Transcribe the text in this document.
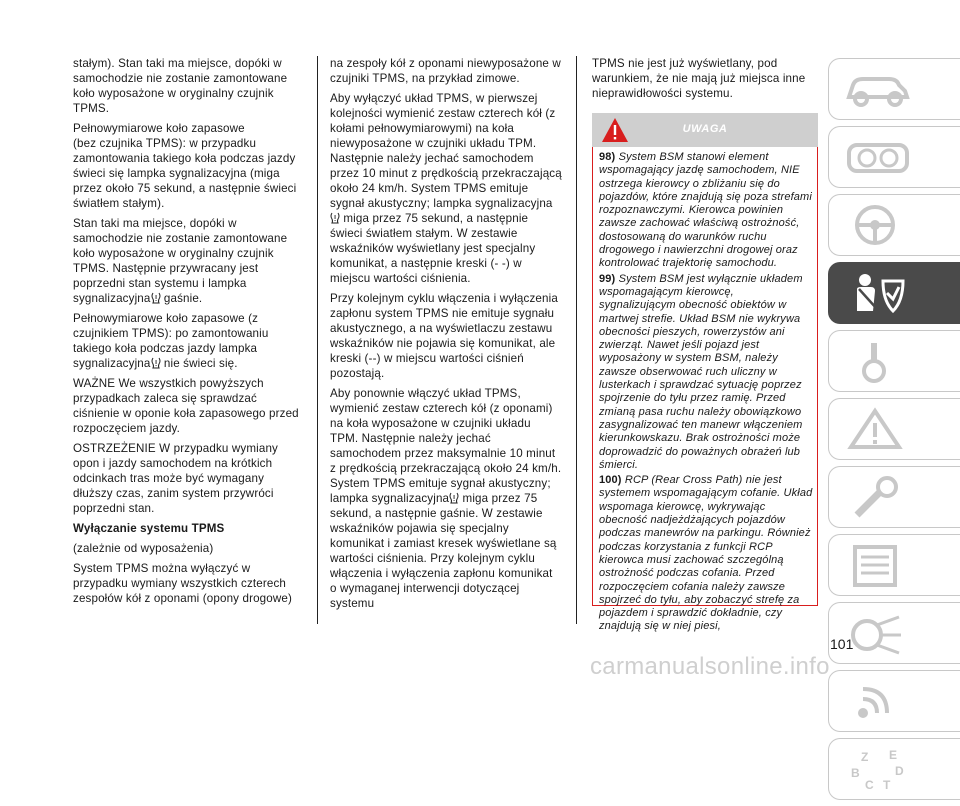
stałym). Stan taki ma miejsce, dopóki w samochodzie nie zostanie zamontowane koło wyposażone w oryginalny czujnik TPMS.

Pełnowymiarowe koło zapasowe
(bez czujnika TPMS): w przypadku zamontowania takiego koła podczas jazdy świeci się lampka sygnalizacyjna (miga przez około 75 sekund, a następnie świeci światłem stałym).

Stan taki ma miejsce, dopóki w samochodzie nie zostanie zamontowane koło wyposażone w oryginalny czujnik TPMS. Następnie przywracany jest poprzedni stan systemu i lampka sygnalizacyjna gaśnie.

Pełnowymiarowe koło zapasowe (z czujnikiem TPMS): po zamontowaniu takiego koła podczas jazdy lampka sygnalizacyjna nie świeci się.

WAŻNE We wszystkich powyższych przypadkach zaleca się sprawdzać ciśnienie w oponie koła zapasowego przed rozpoczęciem jazdy.

OSTRZEŻENIE W przypadku wymiany opon i jazdy samochodem na krótkich odcinkach tras może być wymagany dłuższy czas, zanim system przywróci poprzedni stan.

Wyłączanie systemu TPMS

(zależnie od wyposażenia)

System TPMS można wyłączyć w przypadku wymiany wszystkich czterech zespołów kół z oponami (opony drogowe)

na zespoły kół z oponami niewyposażone w czujniki TPMS, na przykład zimowe.

Aby wyłączyć układ TPMS, w pierwszej kolejności wymienić zestaw czterech kół (z kołami pełnowymiarowymi) na koła niewyposażone w czujniki układu TPM. Następnie należy jechać samochodem przez 10 minut z prędkością przekraczającą około 24 km/h. System TPMS emituje sygnał akustyczny; lampka sygnalizacyjna miga przez 75 sekund, a następnie świeci światłem stałym. W zestawie wskaźników wyświetlany jest specjalny komunikat, a następnie kreski (- -) w miejscu wartości ciśnienia.

Przy kolejnym cyklu włączenia i wyłączenia zapłonu system TPMS nie emituje sygnału akustycznego, a na wyświetlaczu zestawu wskaźników nie pojawia się komunikat, ale kreski (--) w miejscu wartości ciśnień pozostają.

Aby ponownie włączyć układ TPMS, wymienić zestaw czterech kół (z oponami) na koła wyposażone w czujniki układu TPM. Następnie należy jechać samochodem przez maksymalnie 10 minut z prędkością przekraczającą około 24 km/h. System TPMS emituje sygnał akustyczny; lampka sygnalizacyjna miga przez 75 sekund, a następnie gaśnie. W zestawie wskaźników pojawia się specjalny komunikat i zamiast kresek wyświetlane są wartości ciśnienia. Przy kolejnym cyklu włączenia i wyłączenia zapłonu komunikat o wymaganej interwencji dotyczącej systemu

TPMS nie jest już wyświetlany, pod warunkiem, że nie mają już miejsca inne nieprawidłowości systemu.

UWAGA

98) System BSM stanowi element wspomagający jazdę samochodem, NIE ostrzega kierowcy o zbliżaniu się do pojazdów, które znajdują się poza strefami rozpoznawczymi. Kierowca powinien zawsze zachować właściwą ostrożność, dostosowaną do warunków ruchu drogowego i nawierzchni drogowej oraz kontrolować trajektorię samochodu.

99) System BSM jest wyłącznie układem wspomagającym kierowcę, sygnalizującym obecność obiektów w martwej strefie. Układ BSM nie wykrywa obecności pieszych, rowerzystów ani zwierząt. Nawet jeśli pojazd jest wyposażony w system BSM, należy zawsze obserwować ruch uliczny w lusterkach i sprawdzać sytuację poprzez spojrzenie do tyłu przez ramię. Przed zmianą pasa ruchu należy obowiązkowo zasygnalizować ten manewr włączeniem kierunkowskazu. Brak ostrożności może doprowadzić do poważnych obrażeń lub śmierci.

100) RCP (Rear Cross Path) nie jest systemem wspomagającym cofanie. Układ wspomaga kierowcę, wykrywając obecność nadjeżdżających pojazdów podczas manewrów na parkingu. Również podczas korzystania z funkcji RCP kierowca musi zachować szczególną ostrożność podczas cofania. Przed rozpoczęciem cofania należy zawsze spojrzeć do tyłu, aby zobaczyć strefę za pojazdem i sprawdzić dokładnie, czy znajdują się w niej piesi,

Z E
B	D
C T
101
carmanualsonline.info
